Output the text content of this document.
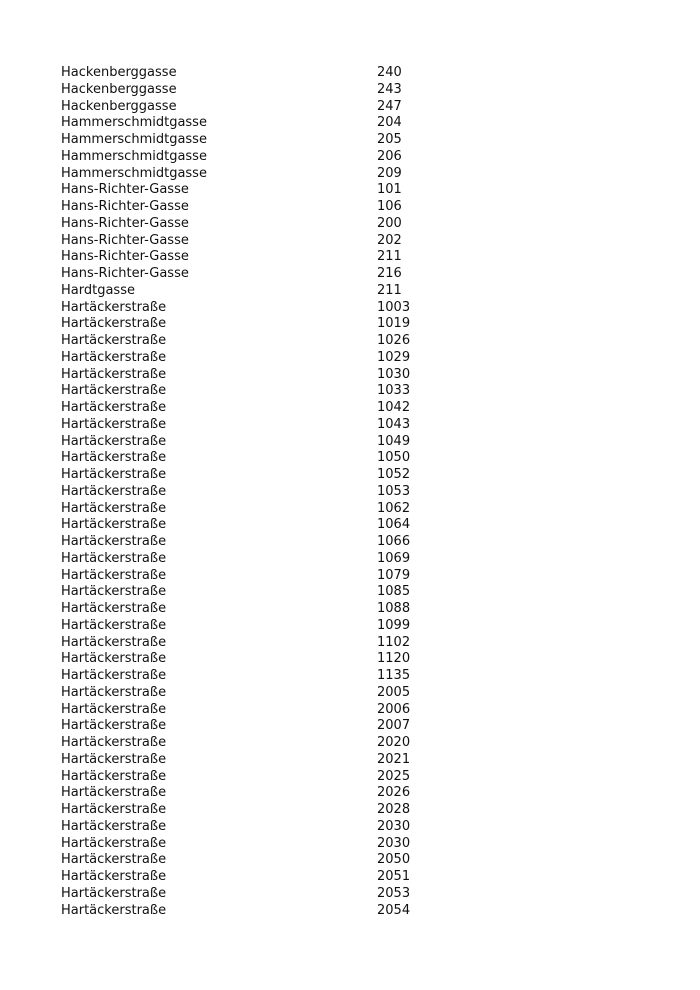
Hackenberggasse	240
Hackenberggasse	243
Hackenberggasse	247
Hammerschmidtgasse	204
Hammerschmidtgasse	205
Hammerschmidtgasse	206
Hammerschmidtgasse	209
Hans-Richter-Gasse	101
Hans-Richter-Gasse	106
Hans-Richter-Gasse	200
Hans-Richter-Gasse	202
Hans-Richter-Gasse	211
Hans-Richter-Gasse	216
Hardtgasse	211
Hartäckerstraße	1003
Hartäckerstraße	1019
Hartäckerstraße	1026
Hartäckerstraße	1029
Hartäckerstraße	1030
Hartäckerstraße	1033
Hartäckerstraße	1042
Hartäckerstraße	1043
Hartäckerstraße	1049
Hartäckerstraße	1050
Hartäckerstraße	1052
Hartäckerstraße	1053
Hartäckerstraße	1062
Hartäckerstraße	1064
Hartäckerstraße	1066
Hartäckerstraße	1069
Hartäckerstraße	1079
Hartäckerstraße	1085
Hartäckerstraße	1088
Hartäckerstraße	1099
Hartäckerstraße	1102
Hartäckerstraße	1120
Hartäckerstraße	1135
Hartäckerstraße	2005
Hartäckerstraße	2006
Hartäckerstraße	2007
Hartäckerstraße	2020
Hartäckerstraße	2021
Hartäckerstraße	2025
Hartäckerstraße	2026
Hartäckerstraße	2028
Hartäckerstraße	2030
Hartäckerstraße	2030
Hartäckerstraße	2050
Hartäckerstraße	2051
Hartäckerstraße	2053
Hartäckerstraße	2054
